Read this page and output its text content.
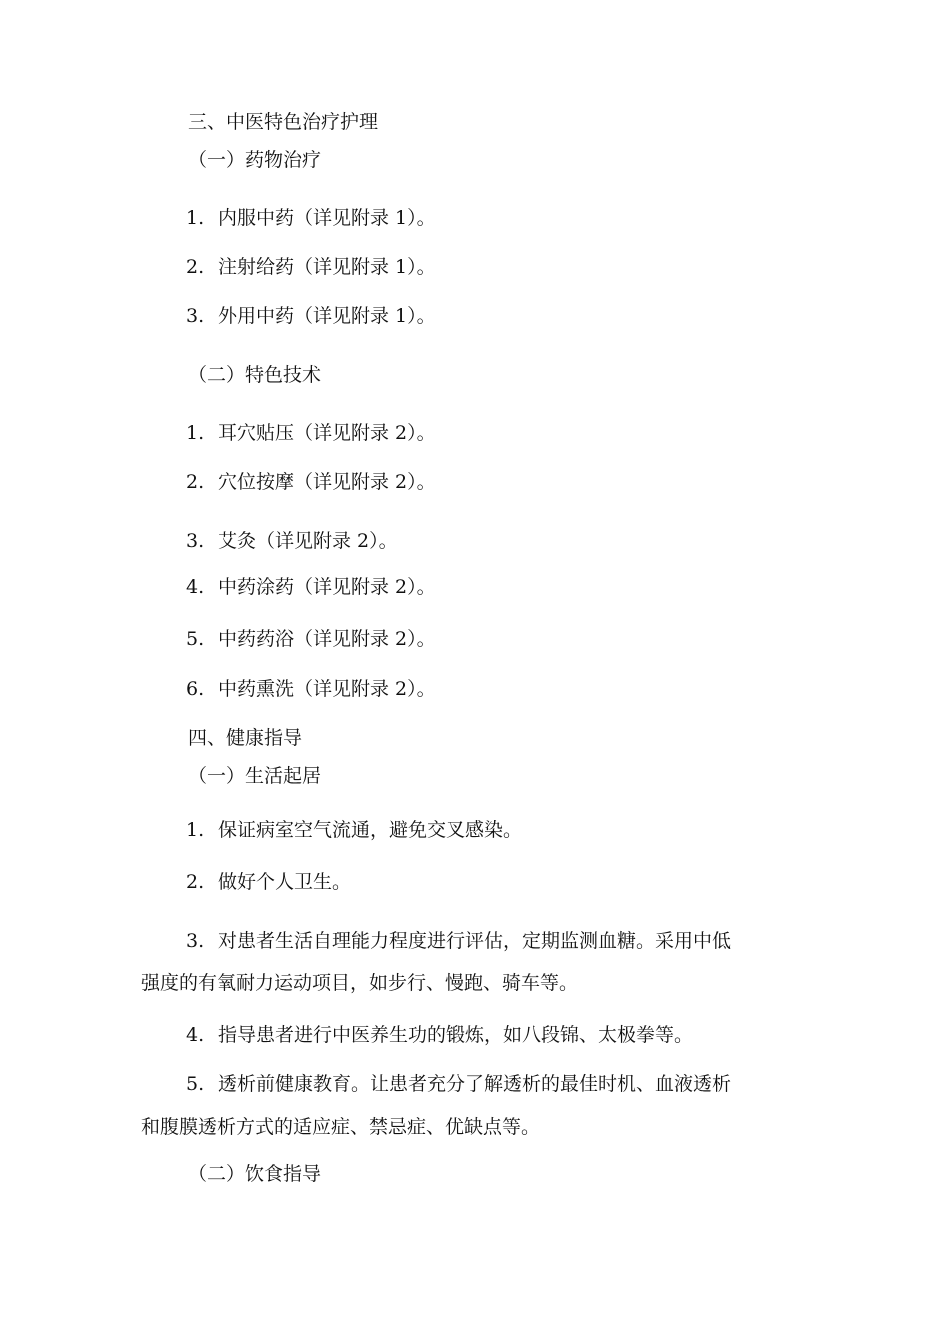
三、中医特色治疗护理
（一）药物治疗
1. 内服中药（详见附录 1）。
2. 注射给药（详见附录 1）。
3. 外用中药（详见附录 1）。
（二）特色技术
1. 耳穴贴压（详见附录 2）。
2. 穴位按摩（详见附录 2）。
3. 艾灸（详见附录 2）。
4. 中药涂药（详见附录 2）。
5. 中药药浴（详见附录 2）。
6. 中药熏洗（详见附录 2）。
四、健康指导
（一）生活起居
1. 保证病室空气流通，避免交叉感染。
2. 做好个人卫生。
3. 对患者生活自理能力程度进行评估，定期监测血糖。采用中低
强度的有氧耐力运动项目，如步行、慢跑、骑车等。
4. 指导患者进行中医养生功的锻炼，如八段锦、太极拳等。
5. 透析前健康教育。让患者充分了解透析的最佳时机、血液透析
和腹膜透析方式的适应症、禁忌症、优缺点等。
（二）饮食指导
